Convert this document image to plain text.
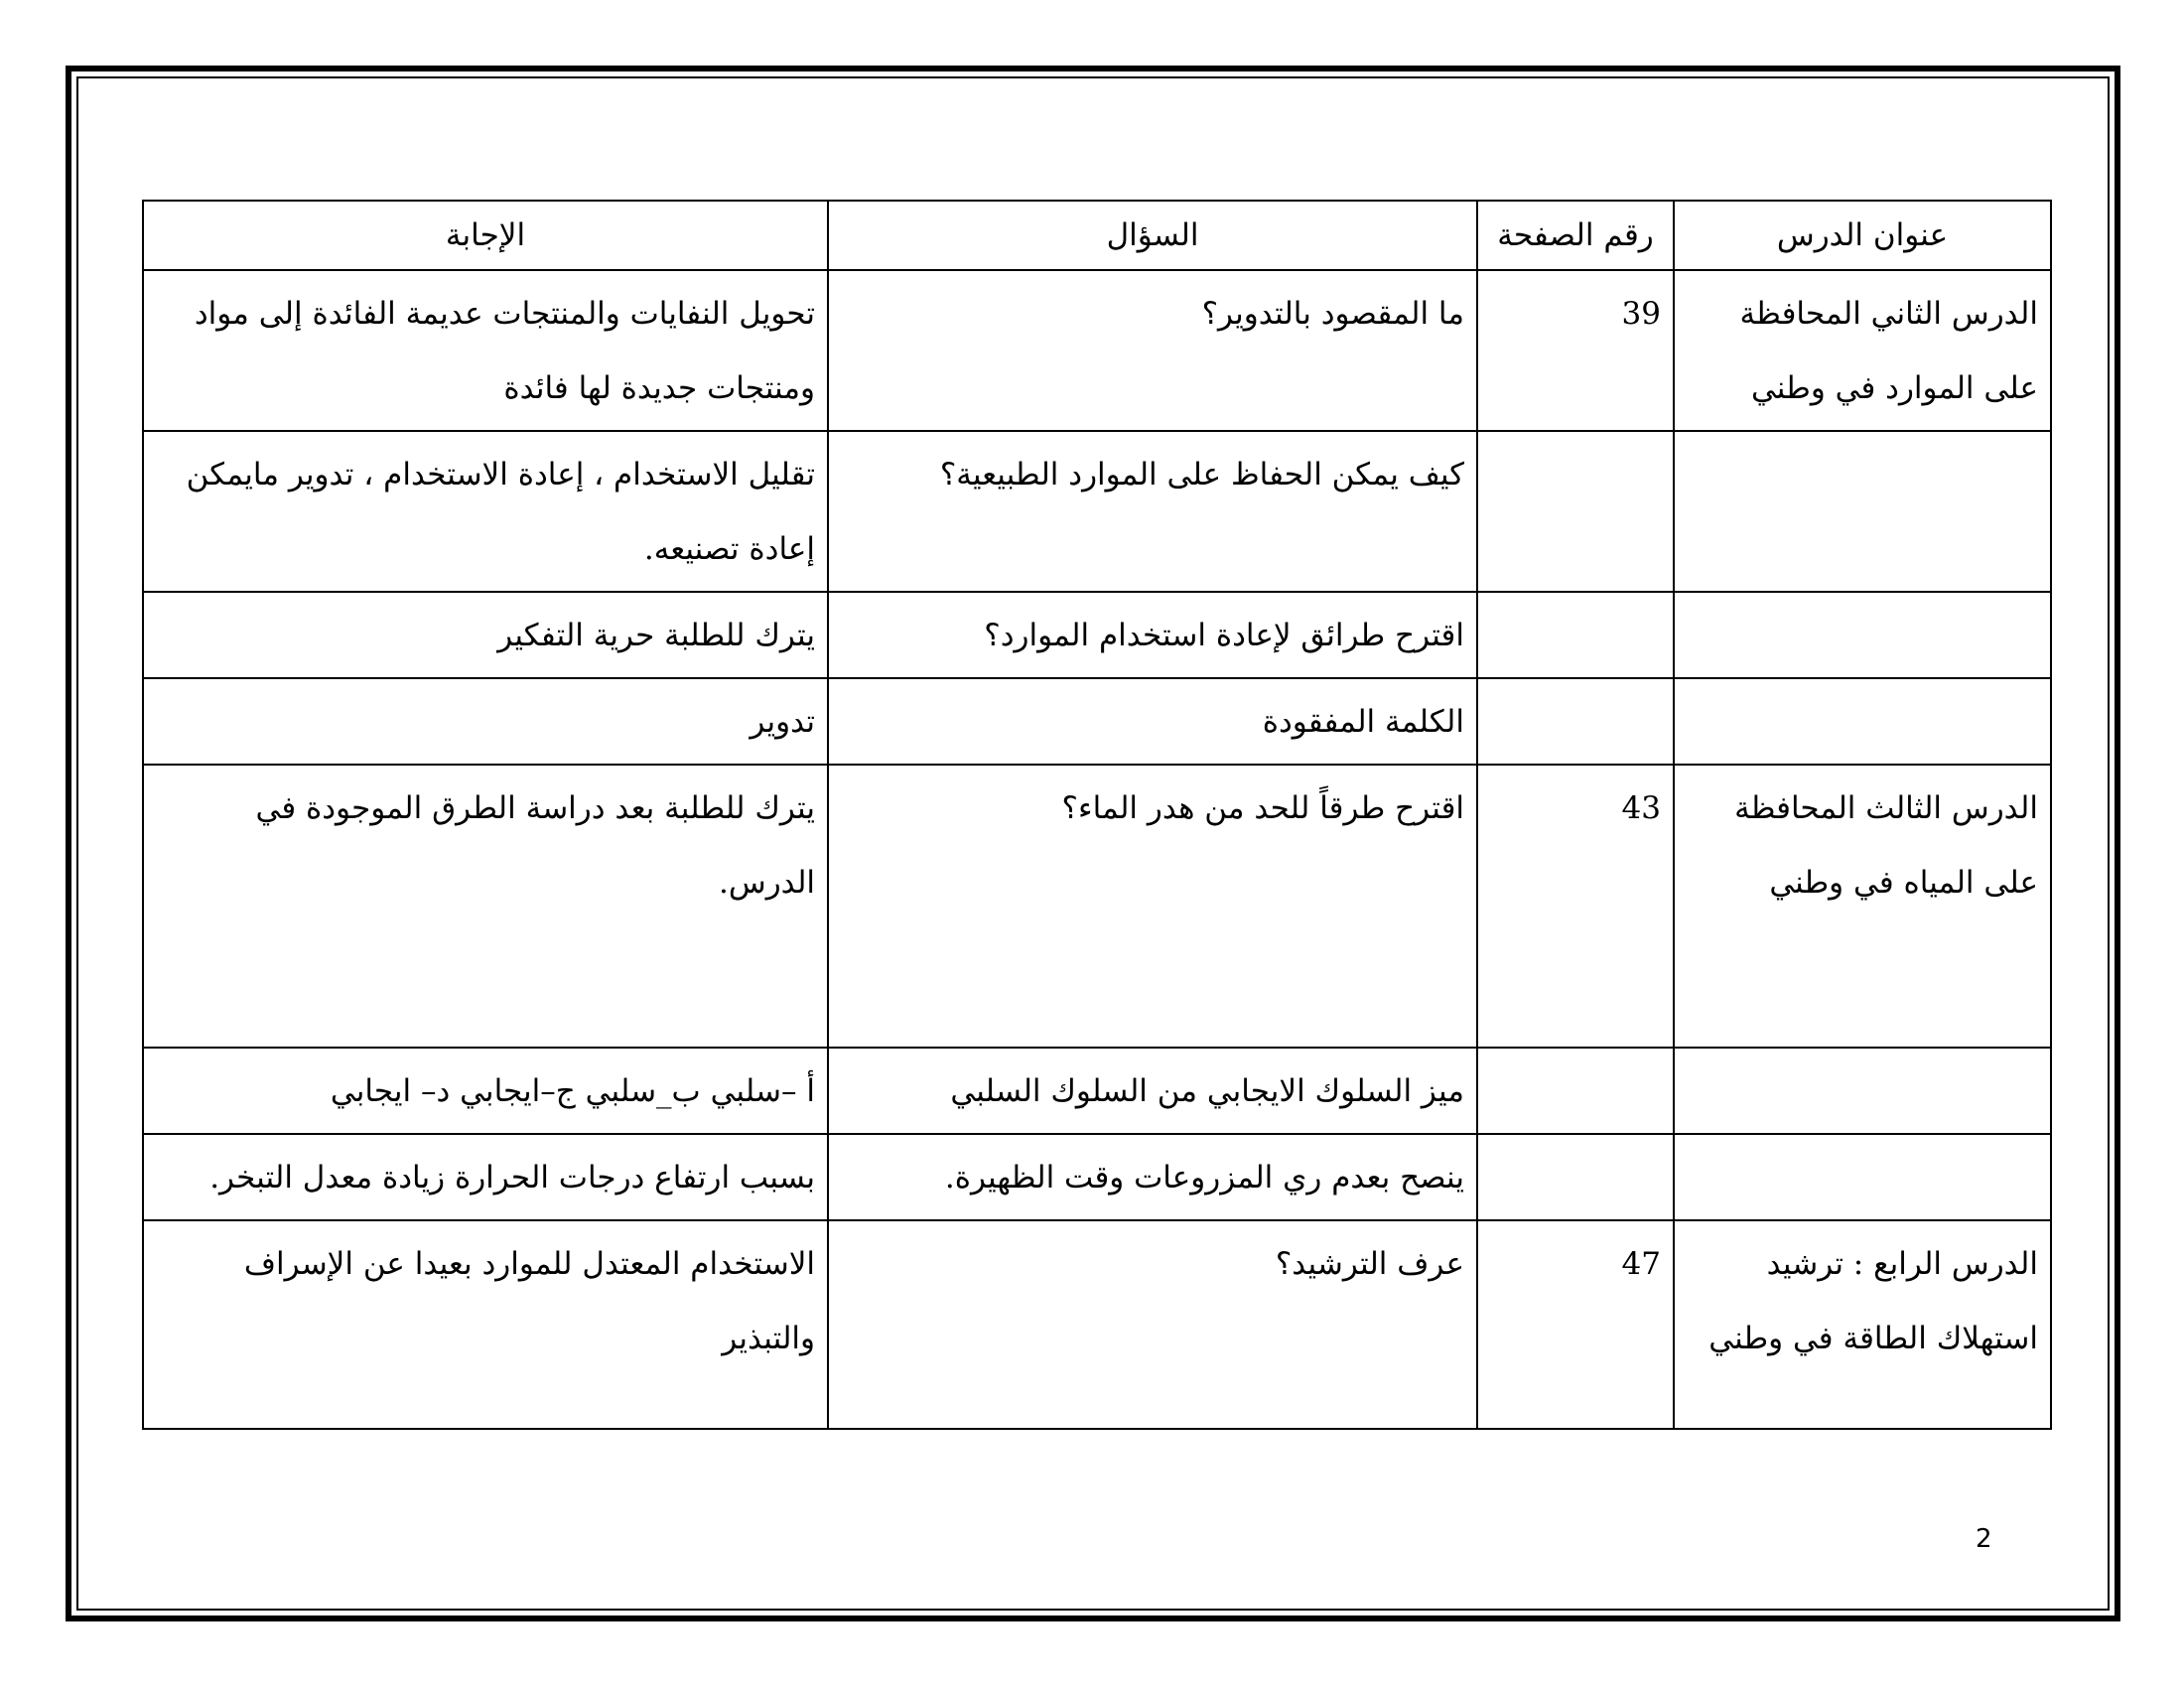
عنوان الدرس	رقم الصفحة	السؤال	الإجابة
الدرس الثاني المحافظة على الموارد في وطني	39	ما المقصود بالتدوير؟	تحويل النفايات والمنتجات عديمة الفائدة إلى مواد ومنتجات جديدة لها فائدة
		كيف يمكن الحفاظ على الموارد الطبيعية؟	تقليل الاستخدام ، إعادة الاستخدام ، تدوير مايمكن إعادة تصنيعه.
		اقترح طرائق لإعادة استخدام الموارد؟	يترك للطلبة حرية التفكير
		الكلمة المفقودة	تدوير
الدرس الثالث المحافظة على المياه في وطني	43	اقترح طرقاً للحد من هدر الماء؟	يترك للطلبة بعد دراسة الطرق الموجودة في الدرس.
		ميز السلوك الايجابي من السلوك السلبي	أ –سلبي ب_سلبي ج–ايجابي د– ايجابي
		ينصح بعدم ري المزروعات وقت الظهيرة.	بسبب ارتفاع درجات الحرارة زيادة معدل التبخر.
الدرس الرابع : ترشيد استهلاك الطاقة في وطني	47	عرف الترشيد؟	الاستخدام المعتدل للموارد بعيدا عن الإسراف والتبذير
2
